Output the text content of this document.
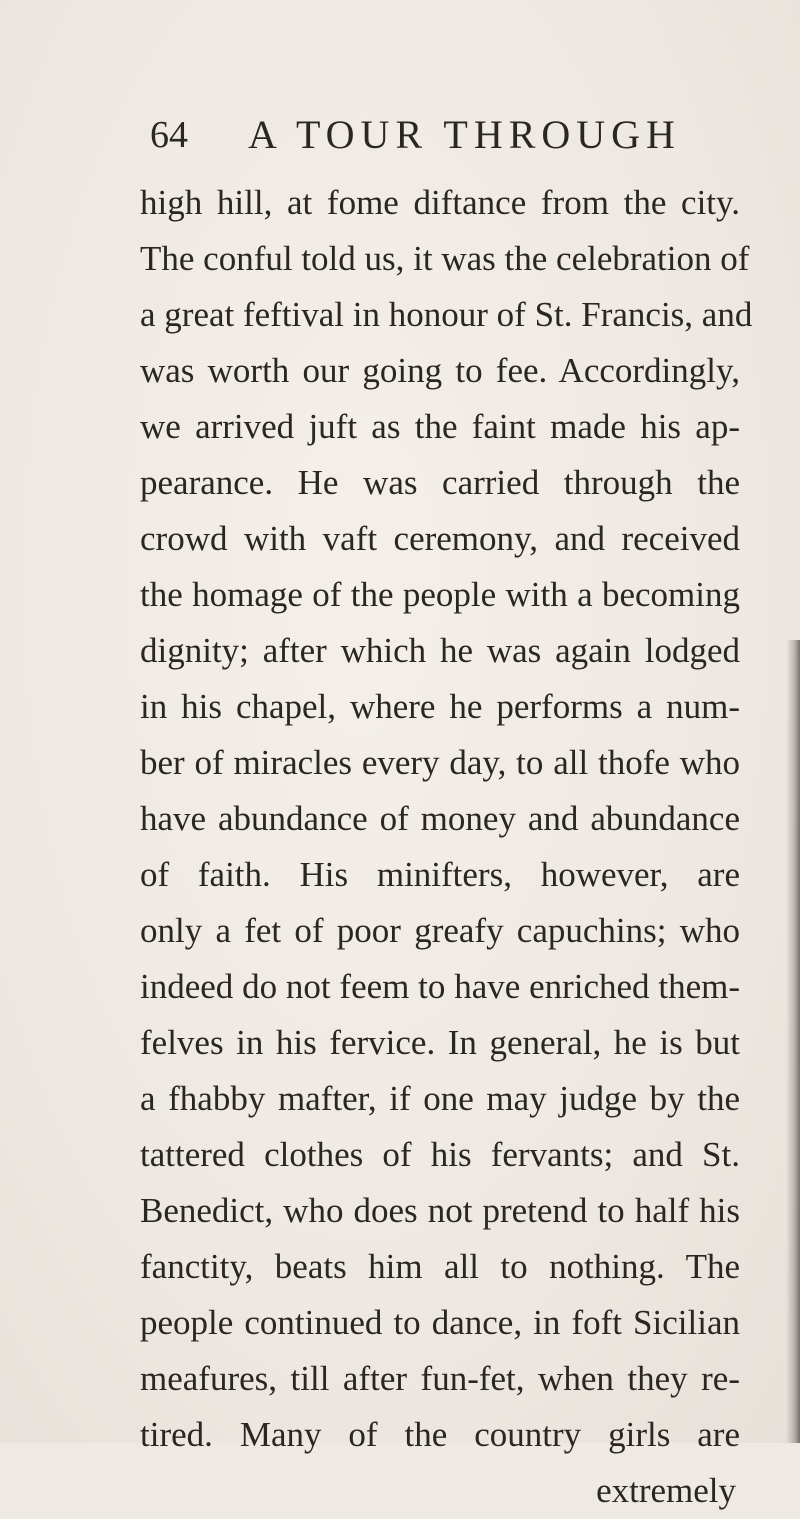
64 A TOUR THROUGH
high hill, at fome diftance from the city.
The conful told us, it was the celebration of
a great feftival in honour of St. Francis, and
was worth our going to fee. Accordingly,
we arrived juft as the faint made his ap-
pearance. He was carried through the
crowd with vaft ceremony, and received
the homage of the people with a becoming
dignity; after which he was again lodged
in his chapel, where he performs a num-
ber of miracles every day, to all thofe who
have abundance of money and abundance
of faith. His minifters, however, are
only a fet of poor greafy capuchins; who
indeed do not feem to have enriched them-
felves in his fervice. In general, he is but
a fhabby mafter, if one may judge by the
tattered clothes of his fervants; and St.
Benedict, who does not pretend to half his
fanctity, beats him all to nothing. The
people continued to dance, in foft Sicilian
meafures, till after fun-fet, when they re-
tired. Many of the country girls are
extremely
